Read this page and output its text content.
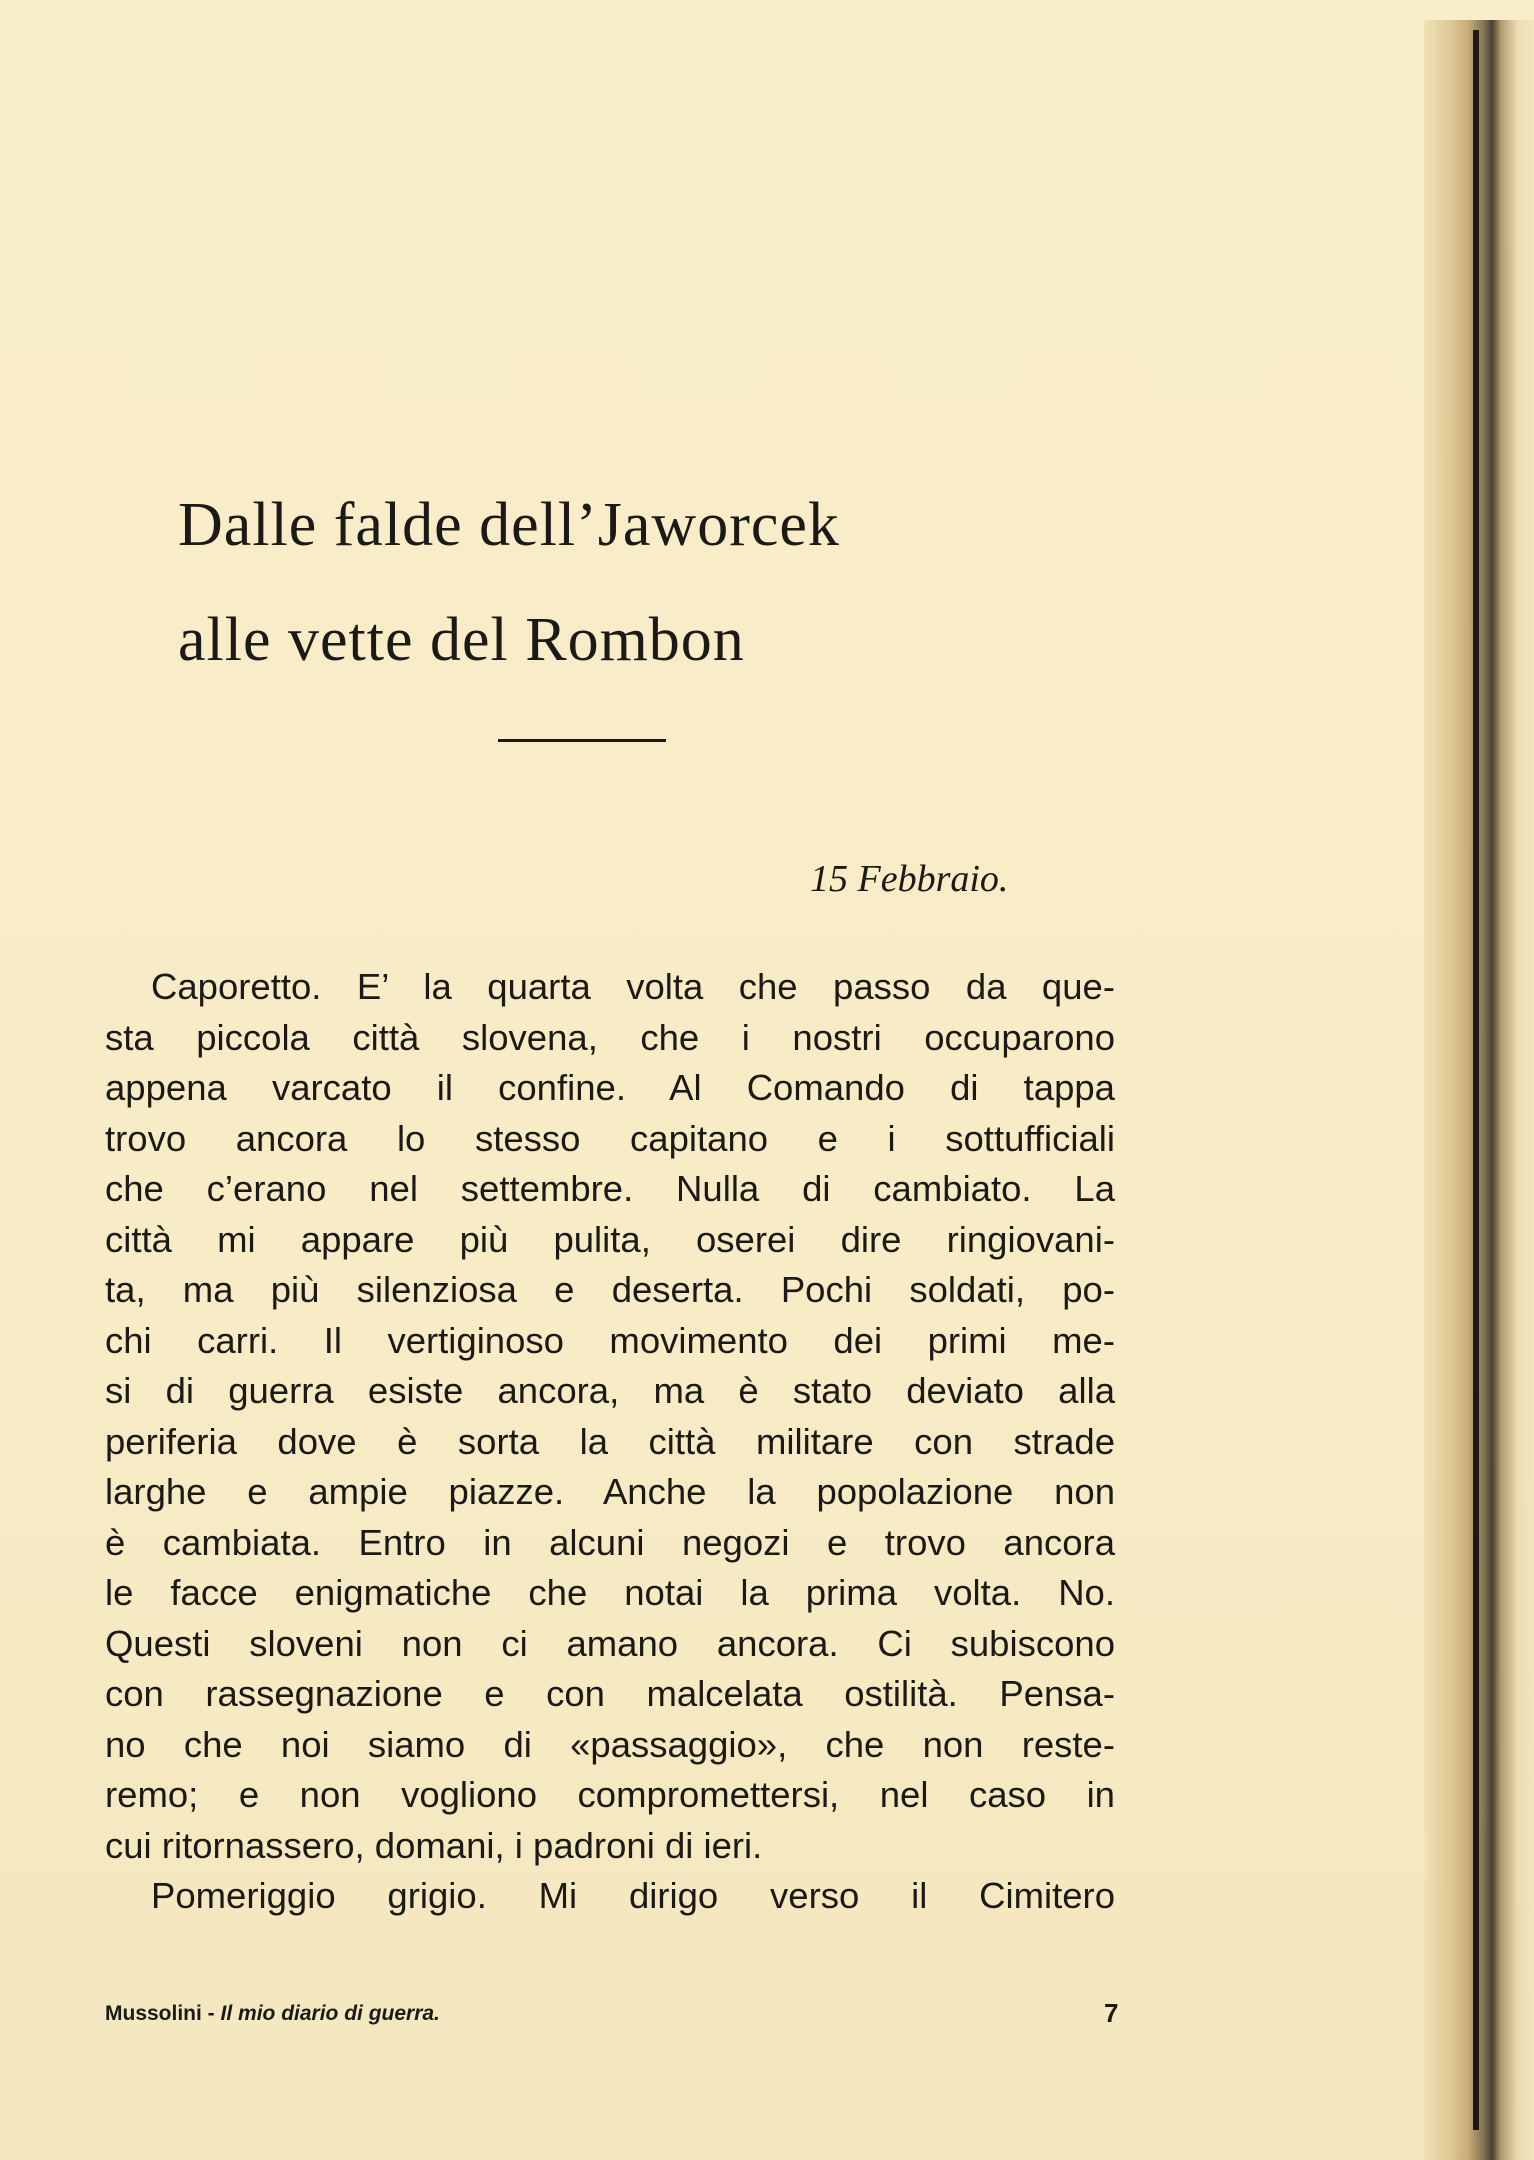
Dalle falde dell’Jaworcek
alle vette del Rombon
15 Febbraio.
Caporetto. E’ la quarta volta che passo da que-
sta piccola città slovena, che i nostri occuparono
appena varcato il confine. Al Comando di tappa
trovo ancora lo stesso capitano e i sottufficiali
che c’erano nel settembre. Nulla di cambiato. La
città mi appare più pulita, oserei dire ringiovani-
ta, ma più silenziosa e deserta. Pochi soldati, po-
chi carri. Il vertiginoso movimento dei primi me-
si di guerra esiste ancora, ma è stato deviato alla
periferia dove è sorta la città militare con strade
larghe e ampie piazze. Anche la popolazione non
è cambiata. Entro in alcuni negozi e trovo ancora
le facce enigmatiche che notai la prima volta. No.
Questi sloveni non ci amano ancora. Ci subiscono
con rassegnazione e con malcelata ostilità. Pensa-
no che noi siamo di «passaggio», che non reste-
remo; e non vogliono compromettersi, nel caso in
cui ritornassero, domani, i padroni di ieri.
Pomeriggio grigio. Mi dirigo verso il Cimitero
Mussolini - Il mio diario di guerra.	7
